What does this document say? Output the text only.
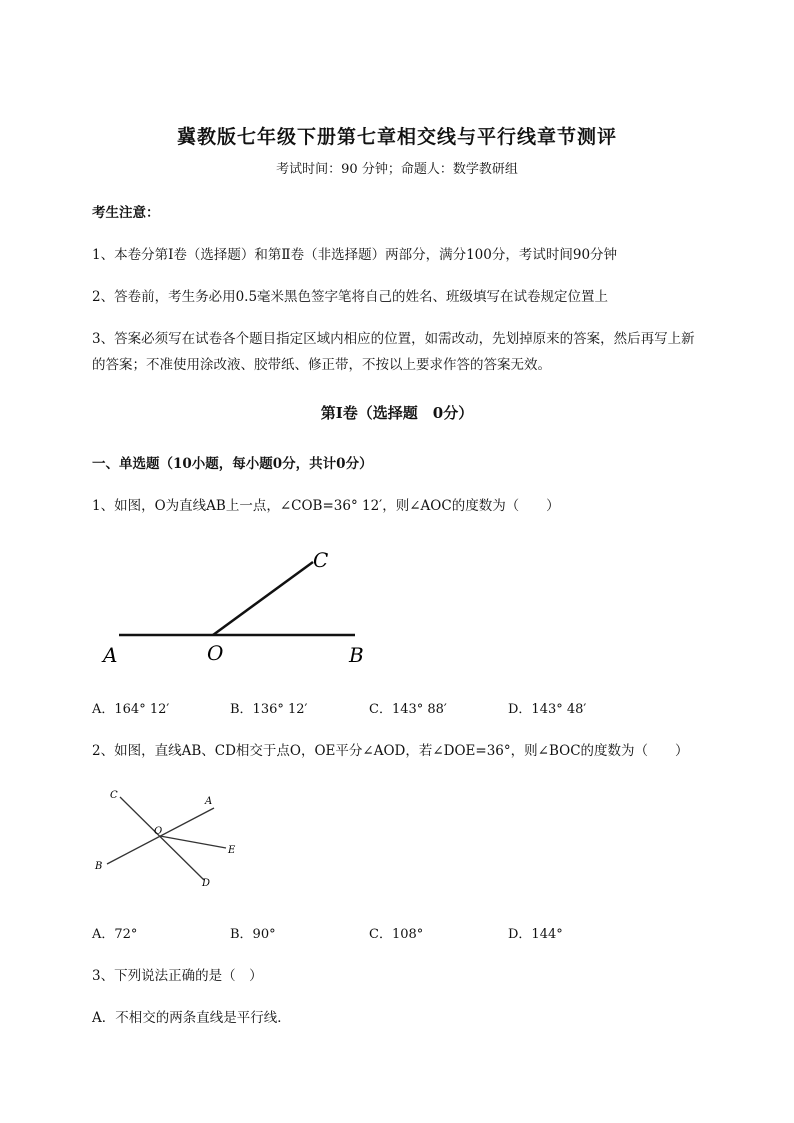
冀教版七年级下册第七章相交线与平行线章节测评
考试时间：90 分钟；命题人：数学教研组
考生注意：
1、本卷分第Ⅰ卷（选择题）和第Ⅱ卷（非选择题）两部分，满分100分，考试时间90分钟
2、答卷前，考生务必用0.5毫米黑色签字笔将自己的姓名、班级填写在试卷规定位置上
3、答案必须写在试卷各个题目指定区域内相应的位置，如需改动，先划掉原来的答案，然后再写上新
的答案；不准使用涂改液、胶带纸、修正带，不按以上要求作答的答案无效。
第Ⅰ卷（选择题　0分）
一、单选题（10小题，每小题0分，共计0分）
1、如图，O为直线AB上一点，∠COB=36° 12′，则∠AOC的度数为（　　）
A	O	B
C
A．164° 12′	B．136° 12′	C．143° 88′	D．143° 48′
2、如图，直线AB、CD相交于点O，OE平分∠AOD，若∠DOE=36°，则∠BOC的度数为（　　）
C
A
O
E
B
D
A．72°	B．90°	C．108°	D．144°
3、下列说法正确的是（　）
A．不相交的两条直线是平行线．
